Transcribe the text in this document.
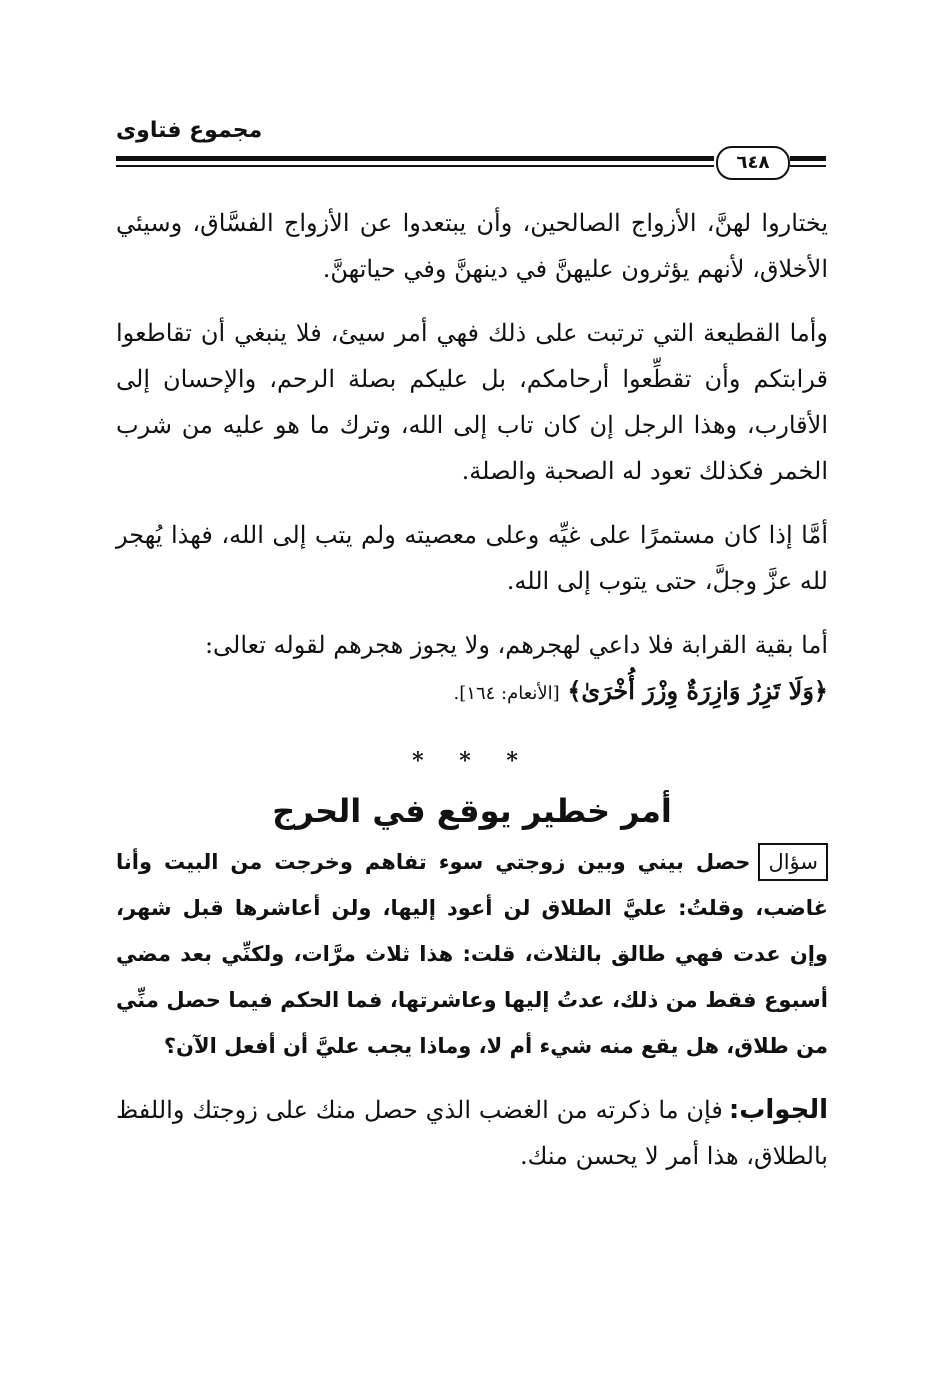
مجموع فتاوى
٦٤٨

يختاروا لهنَّ، الأزواج الصالحين، وأن يبتعدوا عن الأزواج الفسَّاق، وسيئي الأخلاق، لأنهم يؤثرون عليهنَّ في دينهنَّ وفي حياتهنَّ.

وأما القطيعة التي ترتبت على ذلك فهي أمر سيئ، فلا ينبغي أن تقاطعوا قرابتكم وأن تقطِّعوا أرحامكم، بل عليكم بصلة الرحم، والإحسان إلى الأقارب، وهذا الرجل إن كان تاب إلى الله، وترك ما هو عليه من شرب الخمر فكذلك تعود له الصحبة والصلة.

أمَّا إذا كان مستمرًا على غيِّه وعلى معصيته ولم يتب إلى الله، فهذا يُهجر لله عزَّ وجلَّ، حتى يتوب إلى الله.

أما بقية القرابة فلا داعي لهجرهم، ولا يجوز هجرهم لقوله تعالى:

﴿وَلَا تَزِرُ وَازِرَةٌ وِزْرَ أُخْرَىٰ﴾ [الأنعام: ١٦٤].

* * *
أمر خطير يوقع في الحرج

سؤالحصل بيني وبين زوجتي سوء تفاهم وخرجت من البيت وأنا غاضب، وقلتُ: عليَّ الطلاق لن أعود إليها، ولن أعاشرها قبل شهر، وإن عدت فهي طالق بالثلاث، قلت: هذا ثلاث مرَّات، ولكنِّي بعد مضي أسبوع فقط من ذلك، عدتُ إليها وعاشرتها، فما الحكم فيما حصل منِّي من طلاق، هل يقع منه شيء أم لا، وماذا يجب عليَّ أن أفعل الآن؟

الجواب:فإن ما ذكرته من الغضب الذي حصل منك على زوجتك واللفظ بالطلاق، هذا أمر لا يحسن منك.
